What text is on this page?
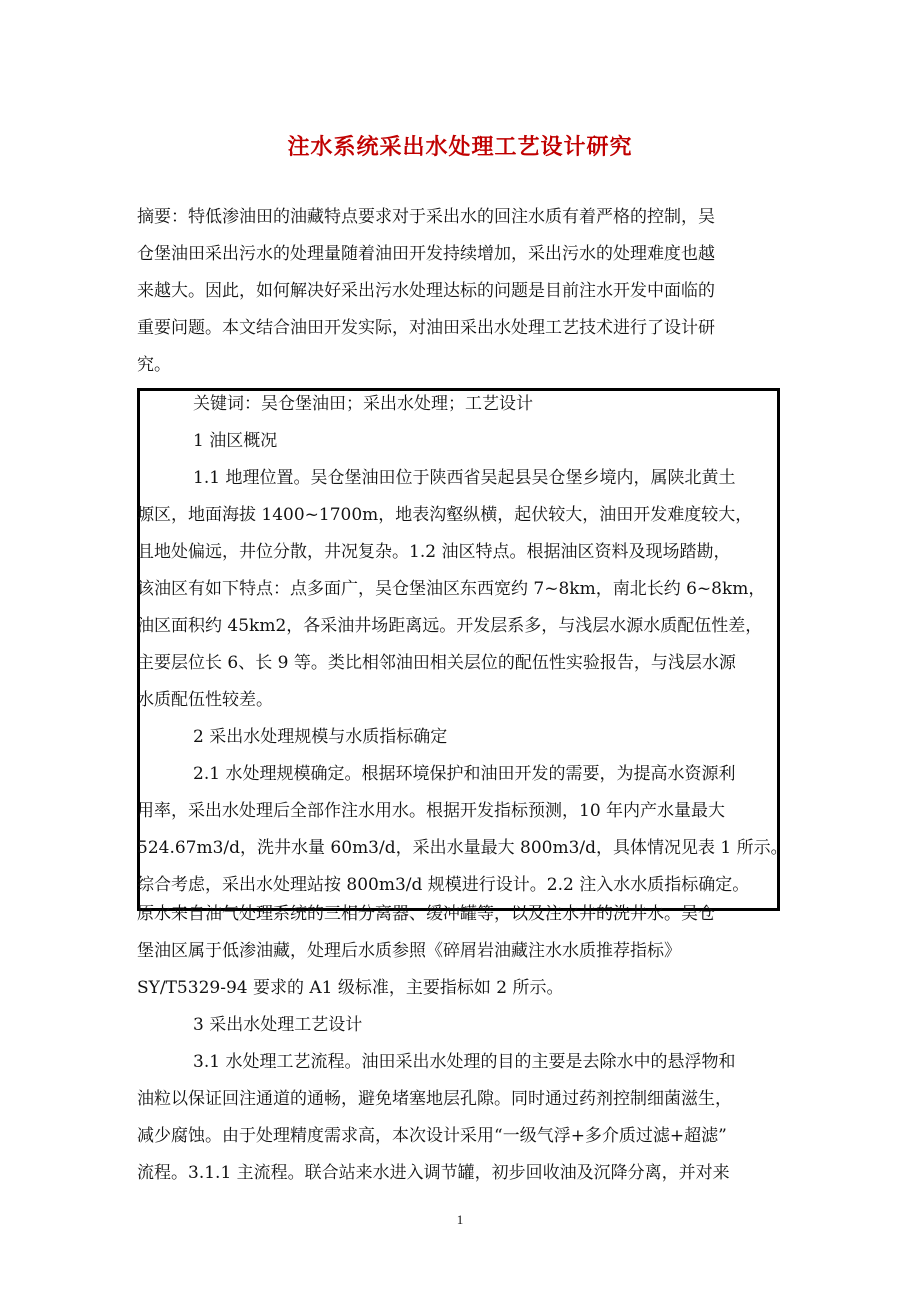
注水系统采出水处理工艺设计研究
摘要：特低渗油田的油藏特点要求对于采出水的回注水质有着严格的控制，吴
仓堡油田采出污水的处理量随着油田开发持续增加，采出污水的处理难度也越
来越大。因此，如何解决好采出污水处理达标的问题是目前注水开发中面临的
重要问题。本文结合油田开发实际，对油田采出水处理工艺技术进行了设计研
究。
关键词：吴仓堡油田；采出水处理；工艺设计
1 油区概况
1.1 地理位置。吴仓堡油田位于陕西省吴起县吴仓堡乡境内，属陕北黄土
塬区，地面海拔 1400~1700m，地表沟壑纵横，起伏较大，油田开发难度较大，
且地处偏远，井位分散，井况复杂。1.2 油区特点。根据油区资料及现场踏勘，
该油区有如下特点：点多面广，吴仓堡油区东西宽约 7~8km，南北长约 6~8km，
油区面积约 45km2，各采油井场距离远。开发层系多，与浅层水源水质配伍性差，
主要层位长 6、长 9 等。类比相邻油田相关层位的配伍性实验报告，与浅层水源
水质配伍性较差。
2 采出水处理规模与水质指标确定
2.1 水处理规模确定。根据环境保护和油田开发的需要，为提高水资源利
用率，采出水处理后全部作注水用水。根据开发指标预测，10 年内产水量最大
524.67m3/d，洗井水量 60m3/d，采出水量最大 800m3/d，具体情况见表 1 所示。
综合考虑，采出水处理站按 800m3/d 规模进行设计。2.2 注入水水质指标确定。
原水来自油气处理系统的三相分离器、缓冲罐等，以及注水井的洗井水。吴仓
堡油区属于低渗油藏，处理后水质参照《碎屑岩油藏注水水质推荐指标》
SY/T5329-94 要求的 A1 级标准，主要指标如 2 所示。
3 采出水处理工艺设计
3.1 水处理工艺流程。油田采出水处理的目的主要是去除水中的悬浮物和
油粒以保证回注通道的通畅，避免堵塞地层孔隙。同时通过药剂控制细菌滋生，
减少腐蚀。由于处理精度需求高，本次设计采用“一级气浮+多介质过滤+超滤”
流程。3.1.1 主流程。联合站来水进入调节罐，初步回收油及沉降分离，并对来
1
